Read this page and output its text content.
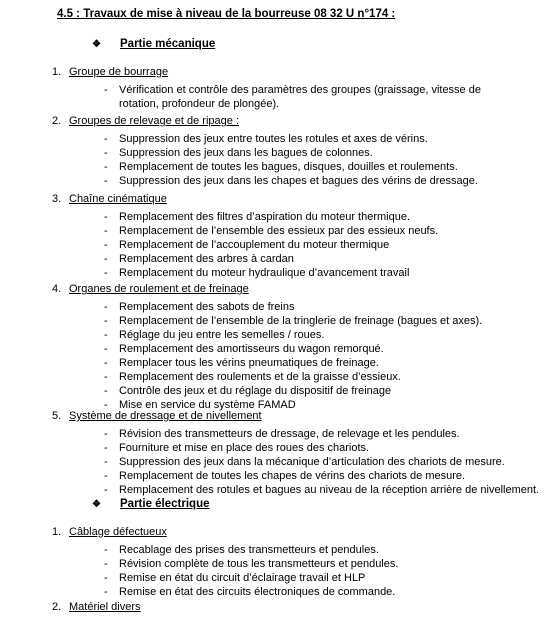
4.5 : Travaux de mise à niveau de la bourreuse 08 32 U n°174 :
❖ Partie mécanique
1. Groupe de bourrage
- Vérification et contrôle des paramètres des groupes (graissage, vitesse de rotation, profondeur de plongée).
2. Groupes de relevage et de ripage :
- Suppression des jeux entre toutes les rotules et axes de vérins.
- Suppression des jeux dans les bagues de colonnes.
- Remplacement de toutes les bagues, disques, douilles et roulements.
- Suppression des jeux dans les chapes et bagues des vérins de dressage.
3. Chaîne cinématique
- Remplacement des filtres d’aspiration du moteur thermique.
- Remplacement de l’ensemble des essieux par des essieux neufs.
- Remplacement de l’accouplement du moteur thermique
- Remplacement des arbres à cardan
- Remplacement du moteur hydraulique d’avancement travail
4. Organes de roulement et de freinage
- Remplacement des sabots de freins
- Remplacement de l’ensemble de la tringlerie de freinage (bagues et axes).
- Réglage du jeu entre les semelles / roues.
- Remplacement des amortisseurs du wagon remorqué.
- Remplacer tous les vérins pneumatiques de freinage.
- Remplacement des roulements et de la graisse d’essieux.
- Contrôle des jeux et du réglage du dispositif de freinage
- Mise en service du système FAMAD
5. Système de dressage et de nivellement
- Révision des transmetteurs de dressage, de relevage et les pendules.
- Fourniture et mise en place des roues des chariots.
- Suppression des jeux dans la mécanique d’articulation des chariots de mesure.
- Remplacement de toutes les chapes de vérins des chariots de mesure.
- Remplacement des rotules et bagues au niveau de la réception arrière de nivellement.
❖ Partie électrique
1. Câblage défectueux
- Recablage des prises des transmetteurs et pendules.
- Révision complète de tous les transmetteurs et pendules.
- Remise en état du circuit d’éclairage travail et HLP
- Remise en état des circuits électroniques de commande.
2. Matériel divers
